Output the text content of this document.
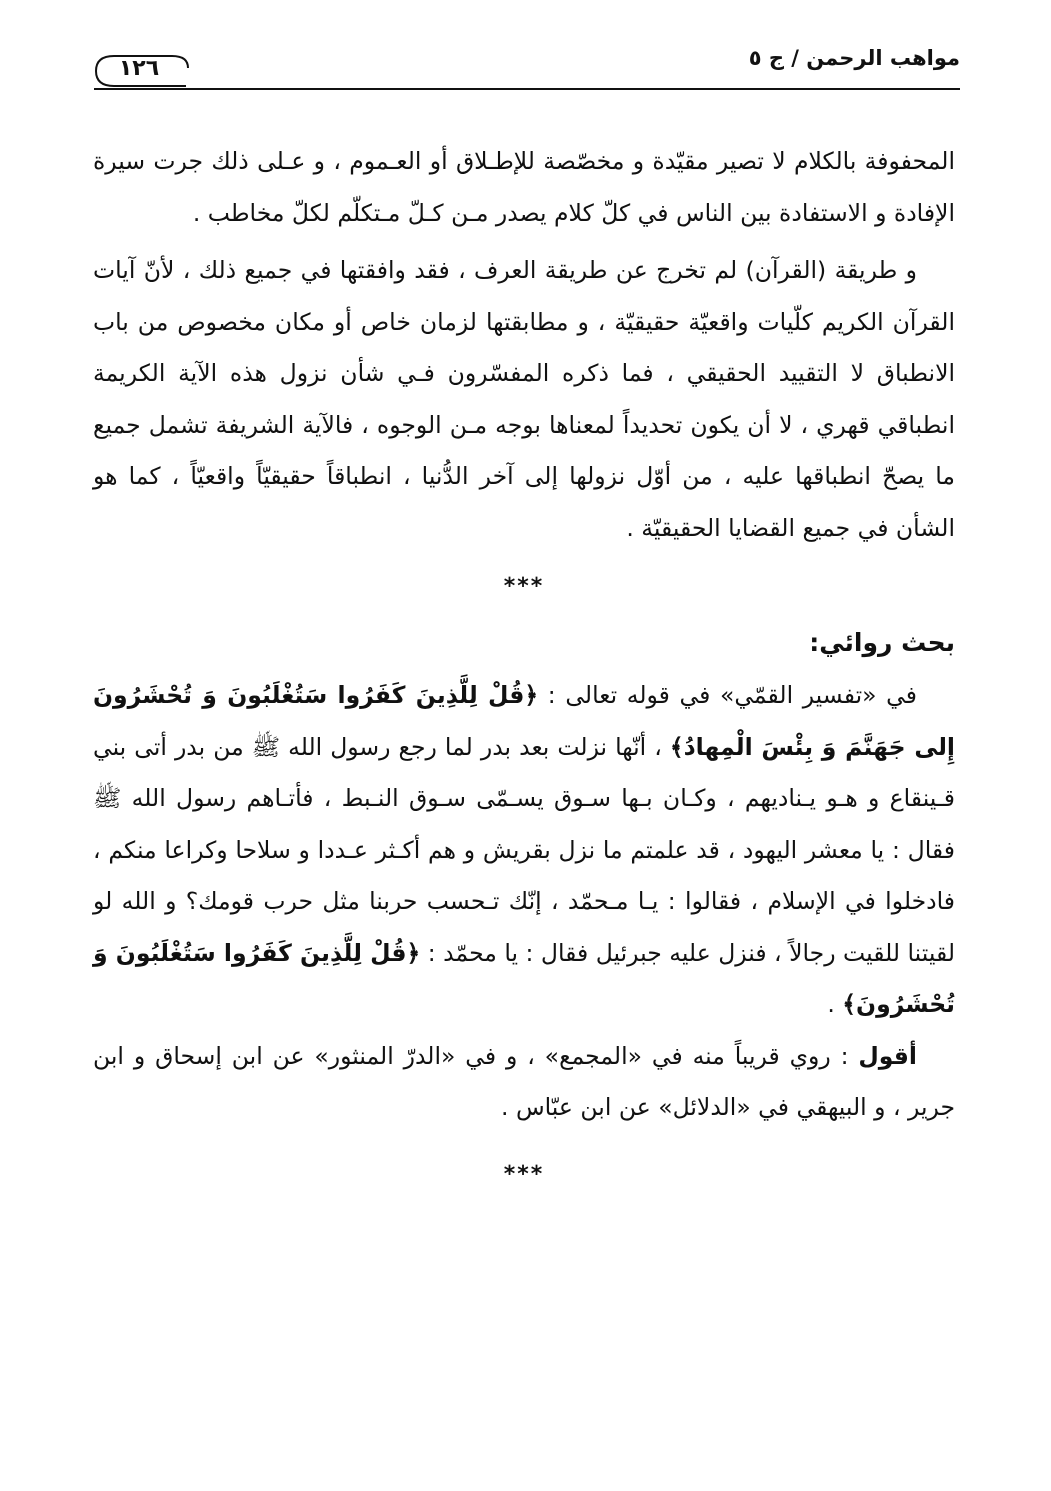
مواهب الرحمن / ج ٥
١٢٦

المحفوفة بالكلام لا تصير مقيّدة و مخصّصة للإطـلاق أو العـموم ، و عـلى ذلك جرت سيرة الإفادة و الاستفادة بين الناس في كلّ كلام يصدر مـن كـلّ مـتكلّم لكلّ مخاطب .

و طريقة (القرآن) لم تخرج عن طريقة العرف ، فقد وافقتها في جميع ذلك ، لأنّ آيات القرآن الكريم كلّيات واقعيّة حقيقيّة ، و مطابقتها لزمان خاص أو مكان مخصوص من باب الانطباق لا التقييد الحقيقي ، فما ذكره المفسّرون فـي شأن نزول هذه الآية الكريمة انطباقي قهري ، لا أن يكون تحديداً لمعناها بوجه مـن الوجوه ، فالآية الشريفة تشمل جميع ما يصحّ انطباقها عليه ، من أوّل نزولها إلى آخر الدُّنيا ، انطباقاً حقيقيّاً واقعيّاً ، كما هو الشأن في جميع القضايا الحقيقيّة .

***
بحث روائي:

في «تفسير القمّي» في قوله تعالى : ﴿قُلْ لِلَّذِينَ كَفَرُوا سَتُغْلَبُونَ وَ تُحْشَرُونَ إِلى جَهَنَّمَ وَ بِئْسَ الْمِهادُ﴾ ، أنّها نزلت بعد بدر لما رجع رسول الله ﷺ من بدر أتى بني قـينقاع و هـو يـناديهم ، وكـان بـها سـوق يسـمّى سـوق النـبط ، فأتـاهم رسول الله ﷺ فقال : يا معشر اليهود ، قد علمتم ما نزل بقريش و هم أكـثر عـددا و سلاحا وكراعا منكم ، فادخلوا في الإسلام ، فقالوا : يـا مـحمّد ، إنّك تـحسب حربنا مثل حرب قومك؟ و الله لو لقيتنا للقيت رجالاً ، فنزل عليه جبرئيل فقال : يا محمّد : ﴿قُلْ لِلَّذِينَ كَفَرُوا سَتُغْلَبُونَ وَ تُحْشَرُونَ﴾ .

أقول : روي قريباً منه في «المجمع» ، و في «الدرّ المنثور» عن ابن إسحاق و ابن جرير ، و البيهقي في «الدلائل» عن ابن عبّاس .

***
